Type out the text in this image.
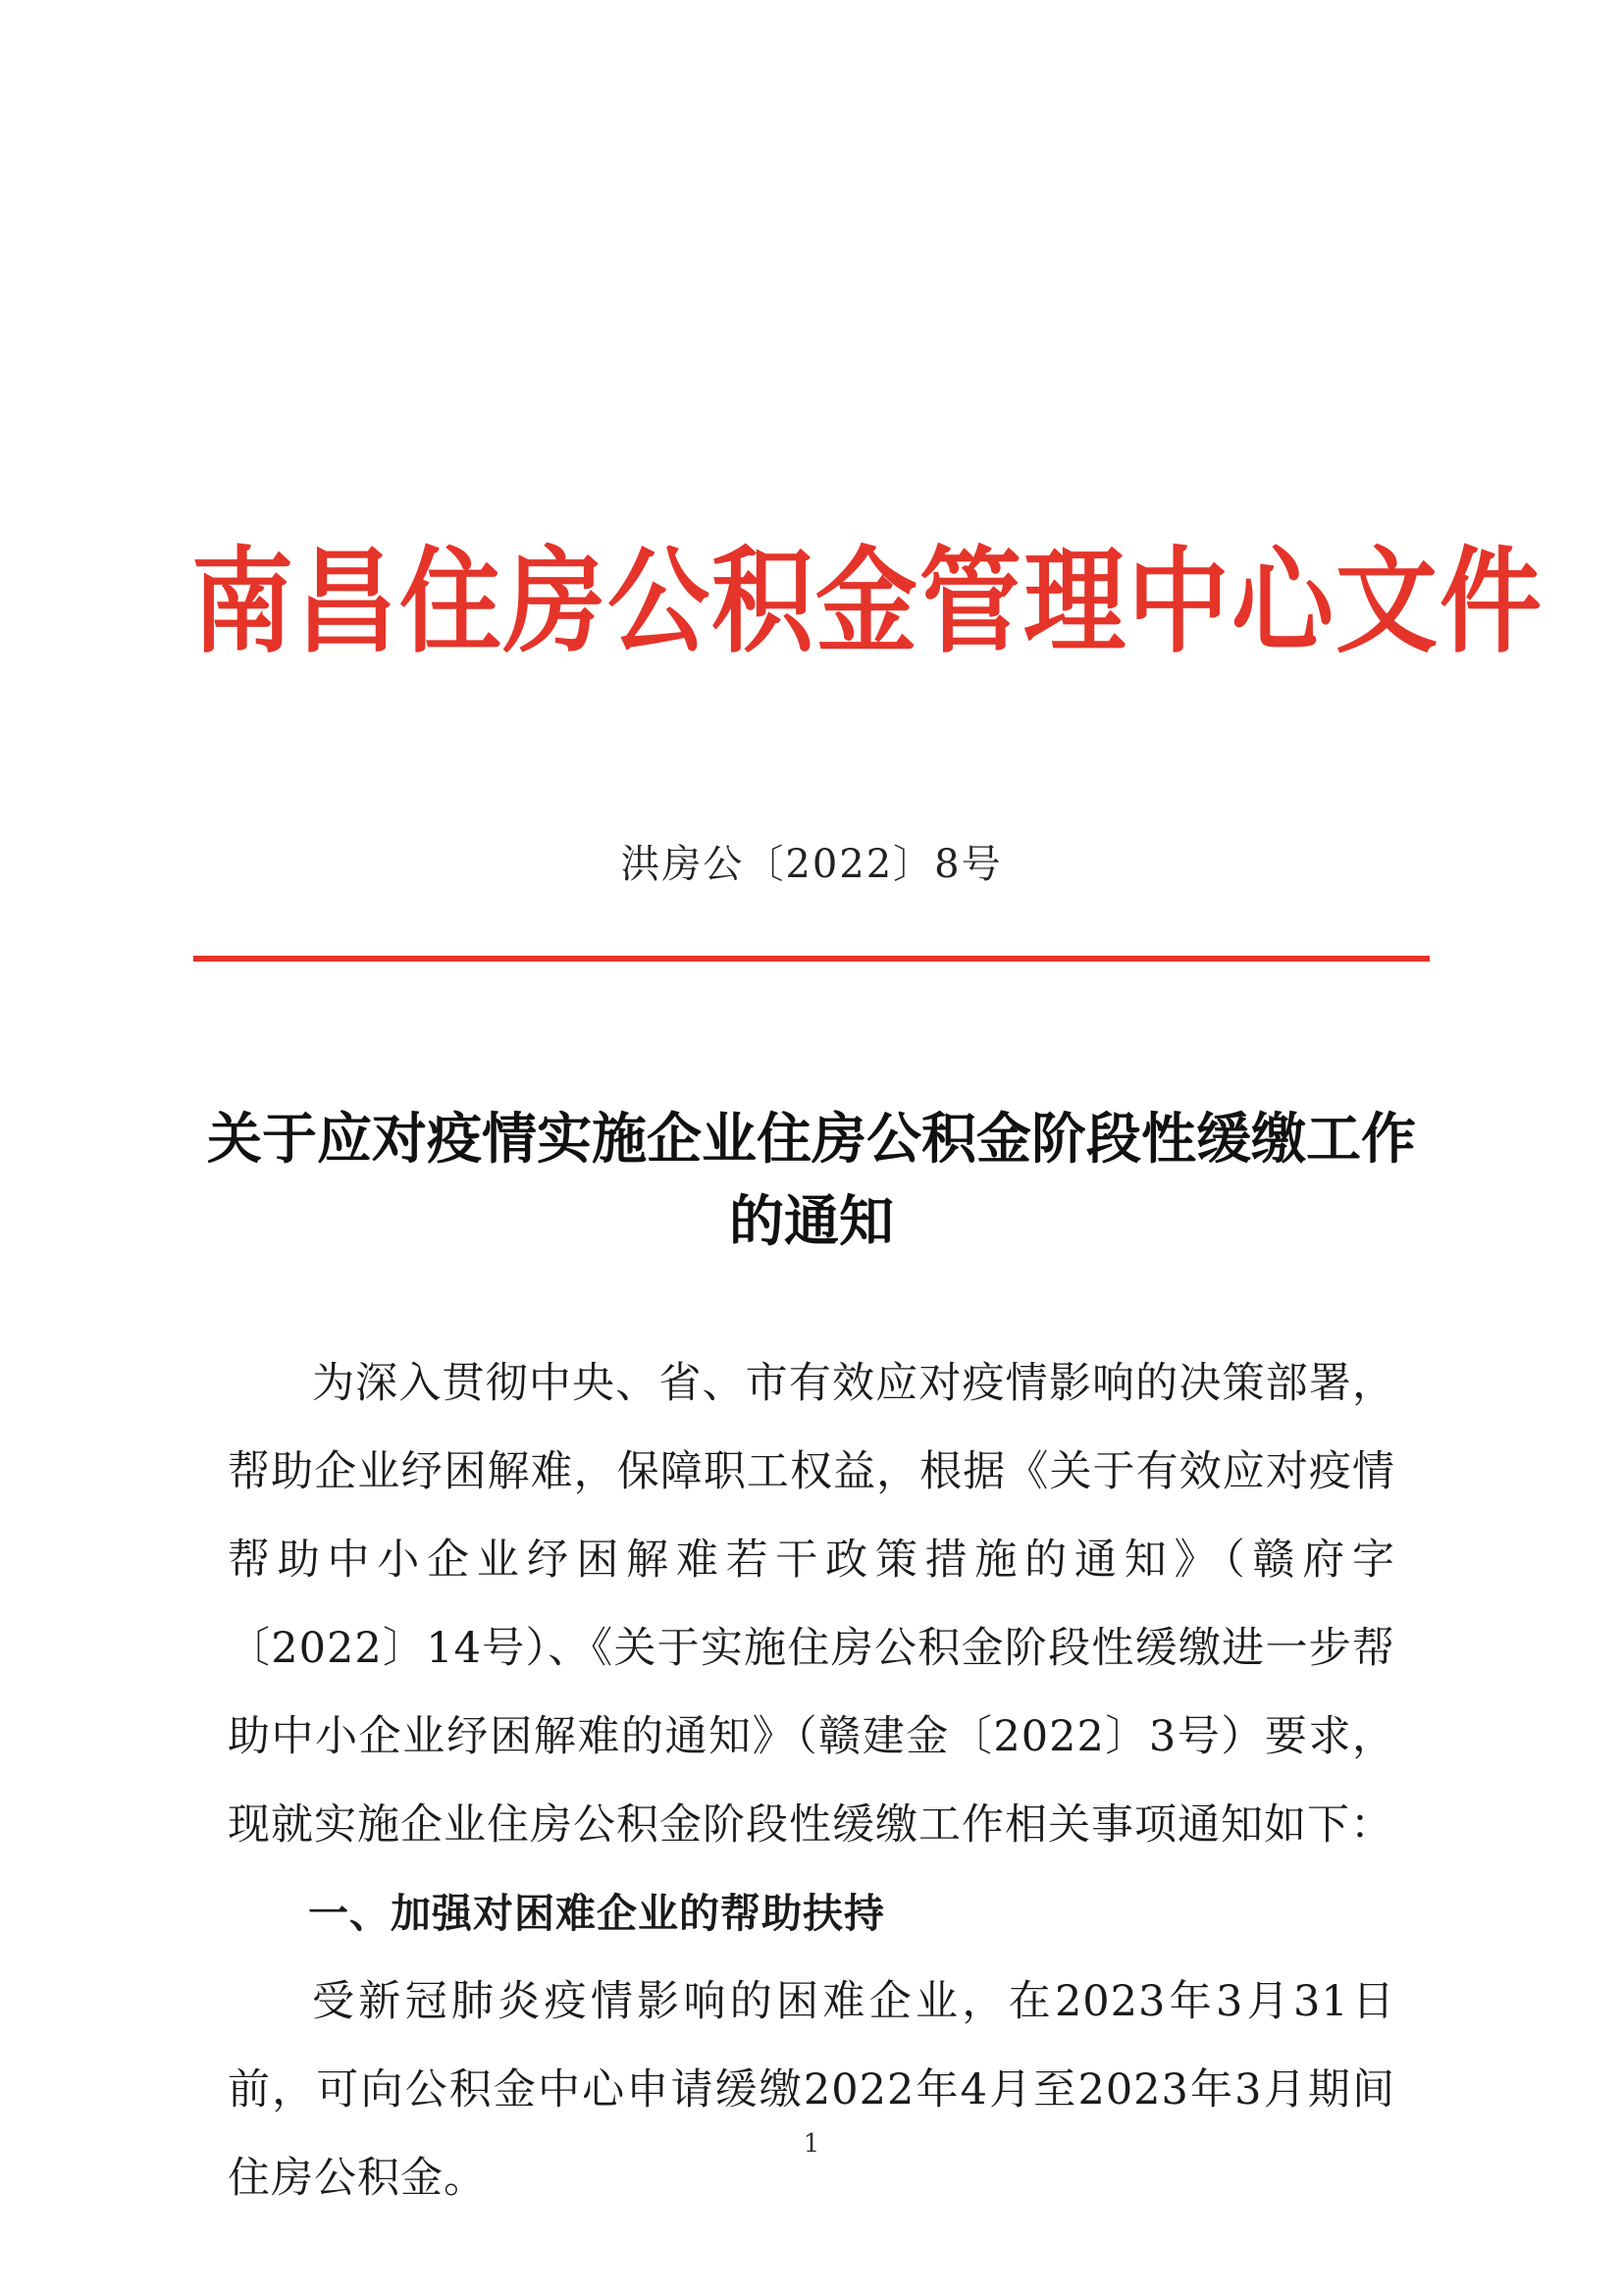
南昌住房公积金管理中心文件
洪房公〔2022〕8号
关于应对疫情实施企业住房公积金阶段性缓缴工作的通知

为深入贯彻中央、省、市有效应对疫情影响的决策部署，帮助企业纾困解难，保障职工权益，根据《关于有效应对疫情帮助中小企业纾困解难若干政策措施的通知》（赣府字〔2022〕14号）、《关于实施住房公积金阶段性缓缴进一步帮助中小企业纾困解难的通知》（赣建金〔2022〕3号）要求，现就实施企业住房公积金阶段性缓缴工作相关事项通知如下：

一、加强对困难企业的帮助扶持

受新冠肺炎疫情影响的困难企业，在2023年3月31日前，可向公积金中心申请缓缴2022年4月至2023年3月期间住房公积金。

1
